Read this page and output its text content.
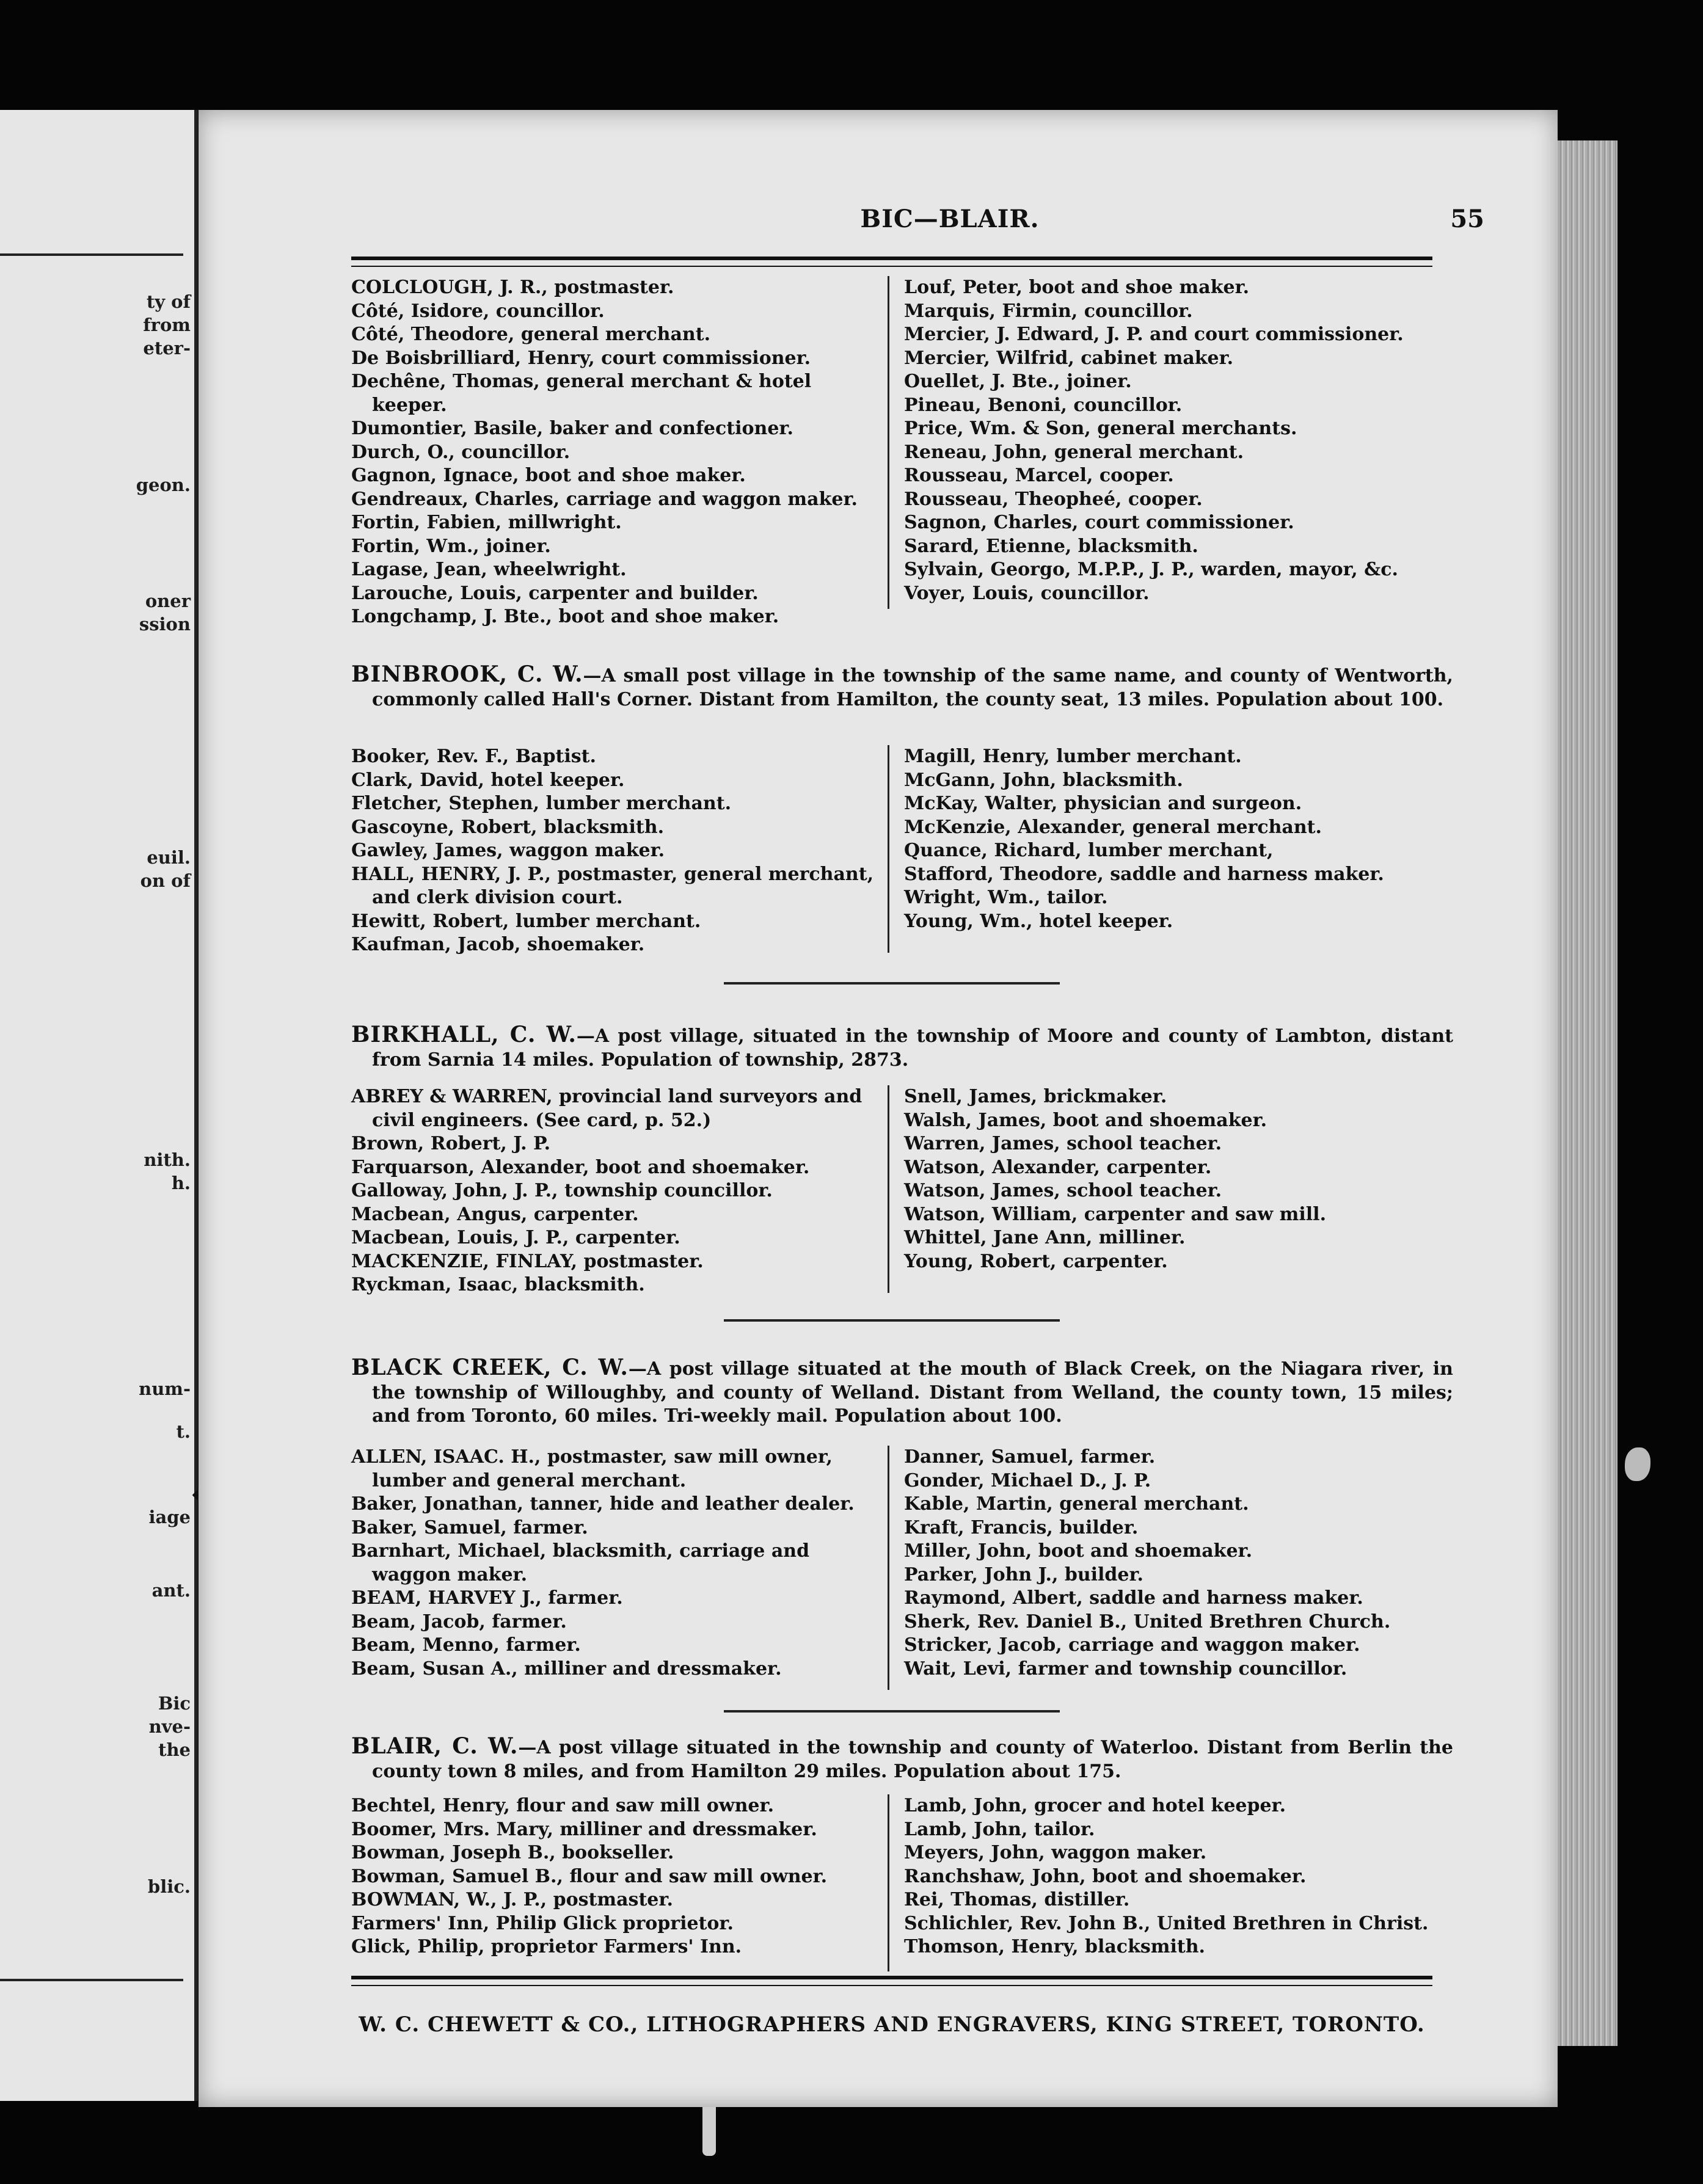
ty of
from
eter-
geon.
oner
ssion
euil.
on of
nith.
h.
num-
t.
iage
ant.
Bic
nve-
the
blic.
BIC—BLAIR.	55
COLCLOUGH, J. R., postmaster.
Côté, Isidore, councillor.
Côté, Theodore, general merchant.
De Boisbrilliard, Henry, court commissioner.
Dechêne, Thomas, general merchant & hotel keeper.
Dumontier, Basile, baker and confectioner.
Durch, O., councillor.
Gagnon, Ignace, boot and shoe maker.
Gendreaux, Charles, carriage and waggon maker.
Fortin, Fabien, millwright.
Fortin, Wm., joiner.
Lagase, Jean, wheelwright.
Larouche, Louis, carpenter and builder.
Longchamp, J. Bte., boot and shoe maker.
Louf, Peter, boot and shoe maker.
Marquis, Firmin, councillor.
Mercier, J. Edward, J. P. and court commissioner.
Mercier, Wilfrid, cabinet maker.
Ouellet, J. Bte., joiner.
Pineau, Benoni, councillor.
Price, Wm. & Son, general merchants.
Reneau, John, general merchant.
Rousseau, Marcel, cooper.
Rousseau, Theopheé, cooper.
Sagnon, Charles, court commissioner.
Sarard, Etienne, blacksmith.
Sylvain, Georgo, M.P.P., J. P., warden, mayor, &c.
Voyer, Louis, councillor.
BINBROOK, C. W.—A small post village in the township of the same name, and county of Wentworth, commonly called Hall's Corner. Distant from Hamilton, the county seat, 13 miles. Population about 100.
Booker, Rev. F., Baptist.
Clark, David, hotel keeper.
Fletcher, Stephen, lumber merchant.
Gascoyne, Robert, blacksmith.
Gawley, James, waggon maker.
HALL, HENRY, J. P., postmaster, general merchant, and clerk division court.
Hewitt, Robert, lumber merchant.
Kaufman, Jacob, shoemaker.
Magill, Henry, lumber merchant.
McGann, John, blacksmith.
McKay, Walter, physician and surgeon.
McKenzie, Alexander, general merchant.
Quance, Richard, lumber merchant,
Stafford, Theodore, saddle and harness maker.
Wright, Wm., tailor.
Young, Wm., hotel keeper.
BIRKHALL, C. W.—A post village, situated in the township of Moore and county of Lambton, distant from Sarnia 14 miles. Population of township, 2873.
ABREY & WARREN, provincial land surveyors and civil engineers. (See card, p. 52.)
Brown, Robert, J. P.
Farquarson, Alexander, boot and shoemaker.
Galloway, John, J. P., township councillor.
Macbean, Angus, carpenter.
Macbean, Louis, J. P., carpenter.
MACKENZIE, FINLAY, postmaster.
Ryckman, Isaac, blacksmith.
Snell, James, brickmaker.
Walsh, James, boot and shoemaker.
Warren, James, school teacher.
Watson, Alexander, carpenter.
Watson, James, school teacher.
Watson, William, carpenter and saw mill.
Whittel, Jane Ann, milliner.
Young, Robert, carpenter.
BLACK CREEK, C. W.—A post village situated at the mouth of Black Creek, on the Niagara river, in the township of Willoughby, and county of Welland. Distant from Welland, the county town, 15 miles; and from Toronto, 60 miles. Tri-weekly mail. Population about 100.
ALLEN, ISAAC. H., postmaster, saw mill owner, lumber and general merchant.
Baker, Jonathan, tanner, hide and leather dealer.
Baker, Samuel, farmer.
Barnhart, Michael, blacksmith, carriage and waggon maker.
BEAM, HARVEY J., farmer.
Beam, Jacob, farmer.
Beam, Menno, farmer.
Beam, Susan A., milliner and dressmaker.
Danner, Samuel, farmer.
Gonder, Michael D., J. P.
Kable, Martin, general merchant.
Kraft, Francis, builder.
Miller, John, boot and shoemaker.
Parker, John J., builder.
Raymond, Albert, saddle and harness maker.
Sherk, Rev. Daniel B., United Brethren Church.
Stricker, Jacob, carriage and waggon maker.
Wait, Levi, farmer and township councillor.
BLAIR, C. W.—A post village situated in the township and county of Waterloo. Distant from Berlin the county town 8 miles, and from Hamilton 29 miles. Population about 175.
Bechtel, Henry, flour and saw mill owner.
Boomer, Mrs. Mary, milliner and dressmaker.
Bowman, Joseph B., bookseller.
Bowman, Samuel B., flour and saw mill owner.
BOWMAN, W., J. P., postmaster.
Farmers' Inn, Philip Glick proprietor.
Glick, Philip, proprietor Farmers' Inn.
Lamb, John, grocer and hotel keeper.
Lamb, John, tailor.
Meyers, John, waggon maker.
Ranchshaw, John, boot and shoemaker.
Rei, Thomas, distiller.
Schlichler, Rev. John B., United Brethren in Christ.
Thomson, Henry, blacksmith.
W. C. CHEWETT & CO., LITHOGRAPHERS AND ENGRAVERS, KING STREET, TORONTO.
